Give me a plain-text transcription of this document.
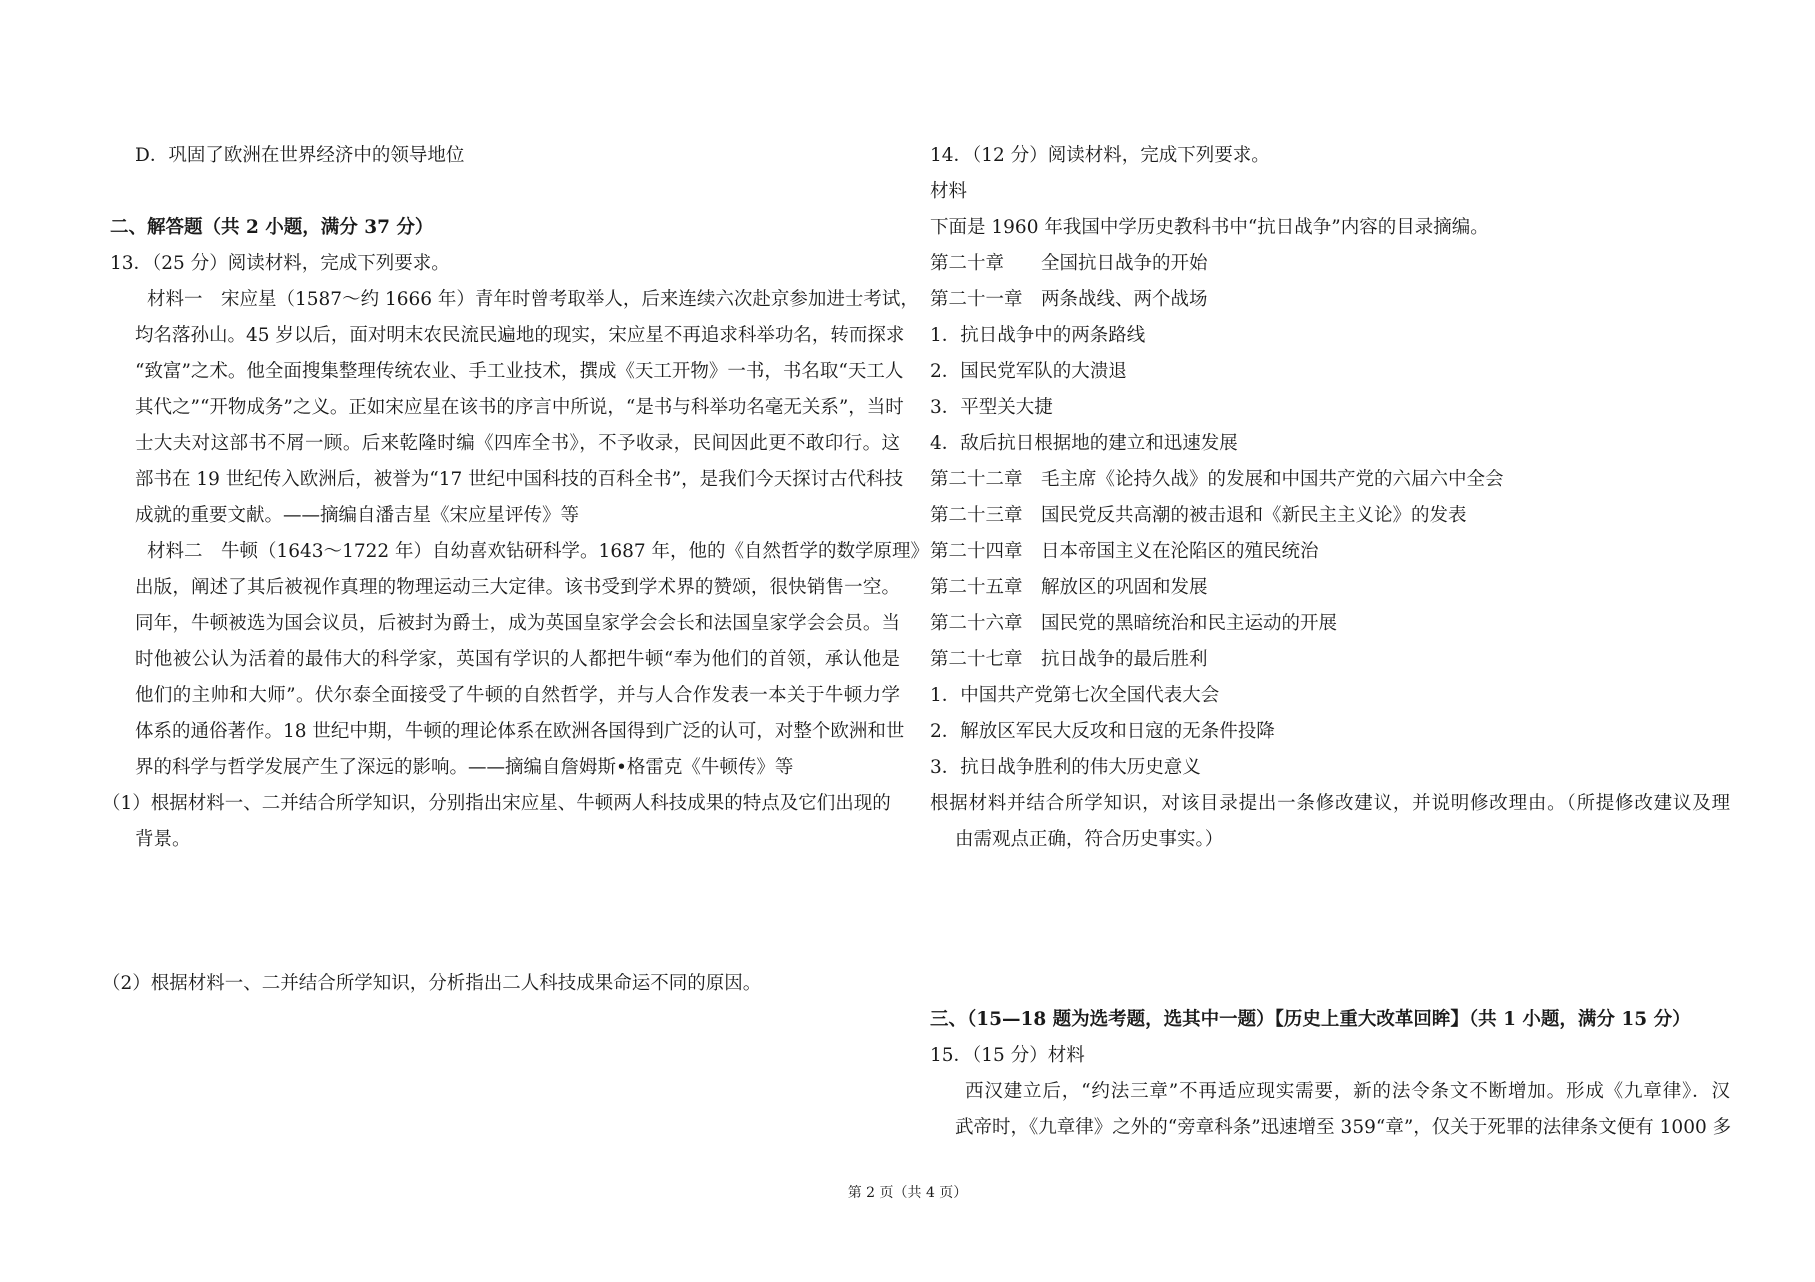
D．巩固了欧洲在世界经济中的领导地位
二、解答题（共 2 小题，满分 37 分）
13．（25 分）阅读材料，完成下列要求。
材料一　宋应星（1587～约 1666 年）青年时曾考取举人，后来连续六次赴京参加进士考试，
均名落孙山。45 岁以后，面对明末农民流民遍地的现实，宋应星不再追求科举功名，转而探求
“致富”之术。他全面搜集整理传统农业、手工业技术，撰成《天工开物》一书，书名取“天工人
其代之”“开物成务”之义。正如宋应星在该书的序言中所说，“是书与科举功名毫无关系”，当时
士大夫对这部书不屑一顾。后来乾隆时编《四库全书》，不予收录，民间因此更不敢印行。这
部书在 19 世纪传入欧洲后，被誉为“17 世纪中国科技的百科全书”，是我们今天探讨古代科技
成就的重要文献。——摘编自潘吉星《宋应星评传》等
材料二　牛顿（1643～1722 年）自幼喜欢钻研科学。1687 年，他的《自然哲学的数学原理》
出版，阐述了其后被视作真理的物理运动三大定律。该书受到学术界的赞颂，很快销售一空。
同年，牛顿被选为国会议员，后被封为爵士，成为英国皇家学会会长和法国皇家学会会员。当
时他被公认为活着的最伟大的科学家，英国有学识的人都把牛顿“奉为他们的首领，承认他是
他们的主帅和大师”。伏尔泰全面接受了牛顿的自然哲学，并与人合作发表一本关于牛顿力学
体系的通俗著作。18 世纪中期，牛顿的理论体系在欧洲各国得到广泛的认可，对整个欧洲和世
界的科学与哲学发展产生了深远的影响。——摘编自詹姆斯•格雷克《牛顿传》等
（1）根据材料一、二并结合所学知识，分别指出宋应星、牛顿两人科技成果的特点及它们出现的
背景。
（2）根据材料一、二并结合所学知识，分析指出二人科技成果命运不同的原因。
14．（12 分）阅读材料，完成下列要求。
材料
下面是 1960 年我国中学历史教科书中“抗日战争”内容的目录摘编。
第二十章　　全国抗日战争的开始
第二十一章　两条战线、两个战场
1．抗日战争中的两条路线
2．国民党军队的大溃退
3．平型关大捷
4．敌后抗日根据地的建立和迅速发展
第二十二章　毛主席《论持久战》的发展和中国共产党的六届六中全会
第二十三章　国民党反共高潮的被击退和《新民主主义论》的发表
第二十四章　日本帝国主义在沦陷区的殖民统治
第二十五章　解放区的巩固和发展
第二十六章　国民党的黑暗统治和民主运动的开展
第二十七章　抗日战争的最后胜利
1．中国共产党第七次全国代表大会
2．解放区军民大反攻和日寇的无条件投降
3．抗日战争胜利的伟大历史意义
根据材料并结合所学知识，对该目录提出一条修改建议，并说明修改理由。（所提修改建议及理
由需观点正确，符合历史事实。）
三、（15—18 题为选考题，选其中一题）【历史上重大改革回眸】（共 1 小题，满分 15 分）
15．（15 分）材料
西汉建立后，“约法三章”不再适应现实需要，新的法令条文不断增加。形成《九章律》．汉
武帝时，《九章律》之外的“旁章科条”迅速增至 359“章”，仅关于死罪的法律条文便有 1000 多
第 2 页（共 4 页）
